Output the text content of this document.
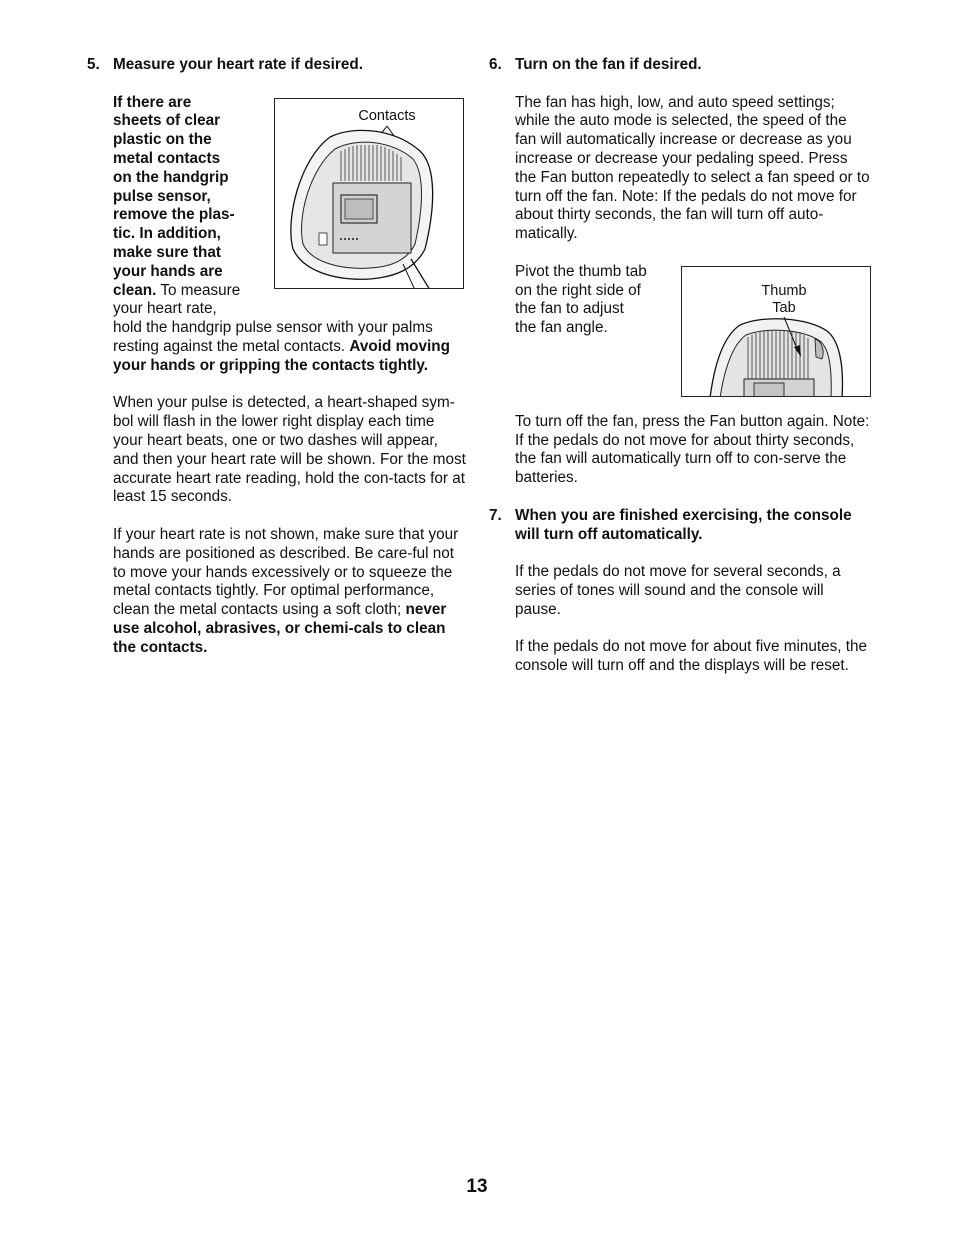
5. Measure your heart rate if desired.

If there are
sheets of clear
plastic on the
metal contacts
on the handgrip
pulse sensor,
remove the plas-
tic. In addition,
make sure that
your hands are
clean. To measure
your heart rate,
hold the handgrip pulse sensor with your palms
resting against the metal contacts. Avoid moving
your hands or gripping the contacts tightly.

When your pulse is detected, a heart-shaped sym-bol will flash in the lower right display each time your heart beats, one or two dashes will appear, and then your heart rate will be shown. For the most accurate heart rate reading, hold the con-tacts for at least 15 seconds.

If your heart rate is not shown, make sure that your hands are positioned as described. Be care-ful not to move your hands excessively or to squeeze the metal contacts tightly. For optimal performance, clean the metal contacts using a soft cloth; never use alcohol, abrasives, or chemi-cals to clean the contacts.

Contacts
6. Turn on the fan if desired.

The fan has high, low, and auto speed settings; while the auto mode is selected, the speed of the fan will automatically increase or decrease as you increase or decrease your pedaling speed. Press the Fan button repeatedly to select a fan speed or to turn off the fan. Note: If the pedals do not move for about thirty seconds, the fan will turn off auto-matically.

Pivot the thumb tab
on the right side of
the fan to adjust
the fan angle.

To turn off the fan, press the Fan button again. Note: If the pedals do not move for about thirty seconds, the fan will automatically turn off to con-serve the batteries.

7. When you are finished exercising, the console will turn off automatically.

If the pedals do not move for several seconds, a series of tones will sound and the console will pause.

If the pedals do not move for about five minutes, the console will turn off and the displays will be reset.

Thumb
Tab
13
